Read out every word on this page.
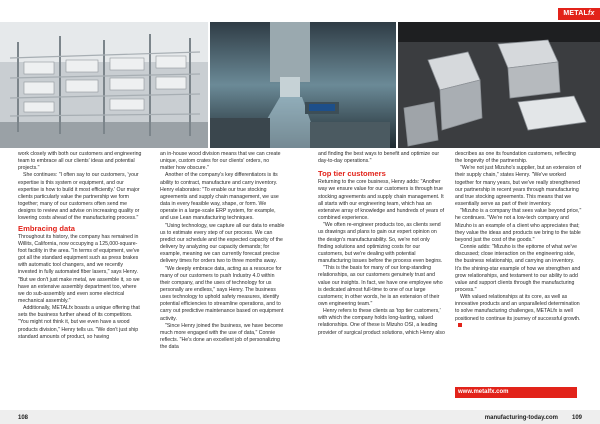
METALfx

work closely with both our customers and engineering team to embrace all our clients' ideas and potential projects."

She continues: "I often say to our customers, 'your expertise is this system or equipment, and our expertise is how to build it most efficiently.' Our major clients particularly value the partnership we form together; many of our customers often send me designs to review and advise on increasing quality or lowering costs ahead of the manufacturing process."

Embracing data

Throughout its history, the company has remained in Willits, California, now occupying a 125,000-square-foot facility in the area. "In terms of equipment, we've got all the standard equipment such as press brakes with automatic tool changers, and we recently invested in fully automated fiber lasers," says Henry. "But we don't just make metal, we assemble it, so we have an extensive assembly department too, where we do sub-assembly and even some electrical mechanical assembly."

Additionally, METALfx boasts a unique offering that sets the business further ahead of its competitors. "You might not think it, but we even have a wood products division," Henry tells us. "We don't just ship standard amounts of product, so having

an in-house wood division means that we can create unique, custom crates for our clients' orders, no matter how obscure."

Another of the company's key differentiators is its ability to contract, manufacture and carry inventory. Henry elaborates: "To enable our true stocking agreements and supply chain management, we use data in every feasible way, shape, or form. We operate in a large-scale ERP system, for example, and use Lean manufacturing techniques.

"Using technology, we capture all our data to enable us to estimate every step of our process. We can predict our schedule and the expected capacity of the delivery by analyzing our capacity demands; for example, meaning we can currently forecast precise delivery times for orders two to three months away.

"We deeply embrace data, acting as a resource for many of our customers to push Industry 4.0 within their company, and the uses of technology for us personally are endless," says Henry. The business uses technology to uphold safety measures, identify potential efficiencies to streamline operations, and to carry out predictive maintenance based on equipment activity.

"Since Henry joined the business, we have become much more engaged with the use of data," Connie reflects. "He's done an excellent job of personalizing the data

and finding the best ways to benefit and optimize our day-to-day operations."

Top tier customers

Returning to the core business, Henry adds: "Another way we ensure value for our customers is through true stocking agreements and supply chain management. It all starts with our engineering team, which has an extensive array of knowledge and hundreds of years of combined experience.

"We often re-engineer products too, as clients send us drawings and plans to gain our expert opinion on the design's manufacturability. So, we're not only finding solutions and optimizing costs for our customers, but we're dealing with potential manufacturing issues before the process even begins.

"This is the basis for many of our long-standing relationships, as our customers genuinely trust and value our insights. In fact, we have one employee who is dedicated almost full-time to one of our large customers; in other words, he is an extension of their own engineering team."

Henry refers to these clients as 'top tier customers,' with which the company holds long-lasting, valued relationships. One of these is Mizuho OSI, a leading provider of surgical product solutions, which Henry also

describes as one its foundation customers, reflecting the longevity of the partnership.

"We're not just Mizuho's supplier, but an extension of their supply chain," states Henry. "We've worked together for many years, but we've really strengthened our partnership in recent years through manufacturing and true stocking agreements. This means that we essentially serve as part of their inventory.

"Mizuho is a company that sees value beyond price," he continues. "We're not a low-tech company and Mizuho is an example of a client who appreciates that; they value the ideas and products we bring to the table beyond just the cost of the goods."

Connie adds: "Mizuho is the epitome of what we've discussed; close interaction on the engineering side, the business relationship, and carrying an inventory. It's the shining-star example of how we strengthen and grow relationships, and testament to our ability to add value and support clients through the manufacturing process."

With valued relationships at its core, as well as innovative products and an unparalleled determination to solve manufacturing challenges, METALfx is well positioned to continue its journey of successful growth.

www.metalfx.com
108	manufacturing-today.com 109
